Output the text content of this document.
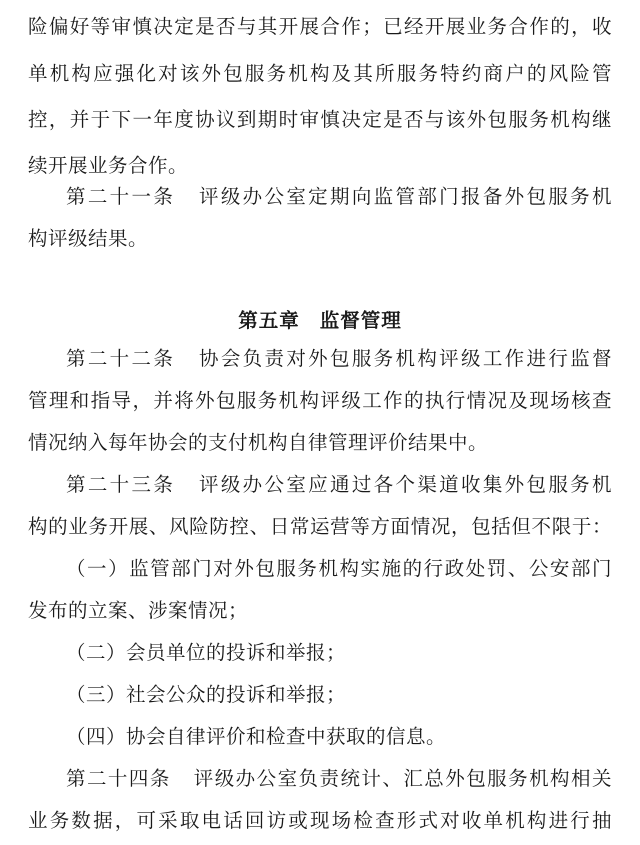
险偏好等审慎决定是否与其开展合作；已经开展业务合作的，收
单机构应强化对该外包服务机构及其所服务特约商户的风险管
控，并于下一年度协议到期时审慎决定是否与该外包服务机构继
续开展业务合作。
第二十一条 评级办公室定期向监管部门报备外包服务机
构评级结果。
第五章 监督管理
第二十二条 协会负责对外包服务机构评级工作进行监督
管理和指导，并将外包服务机构评级工作的执行情况及现场核查
情况纳入每年协会的支付机构自律管理评价结果中。
第二十三条 评级办公室应通过各个渠道收集外包服务机
构的业务开展、风险防控、日常运营等方面情况，包括但不限于：
（一）监管部门对外包服务机构实施的行政处罚、公安部门
发布的立案、涉案情况；
（二）会员单位的投诉和举报；
（三）社会公众的投诉和举报；
（四）协会自律评价和检查中获取的信息。
第二十四条 评级办公室负责统计、汇总外包服务机构相关
业务数据，可采取电话回访或现场检查形式对收单机构进行抽
